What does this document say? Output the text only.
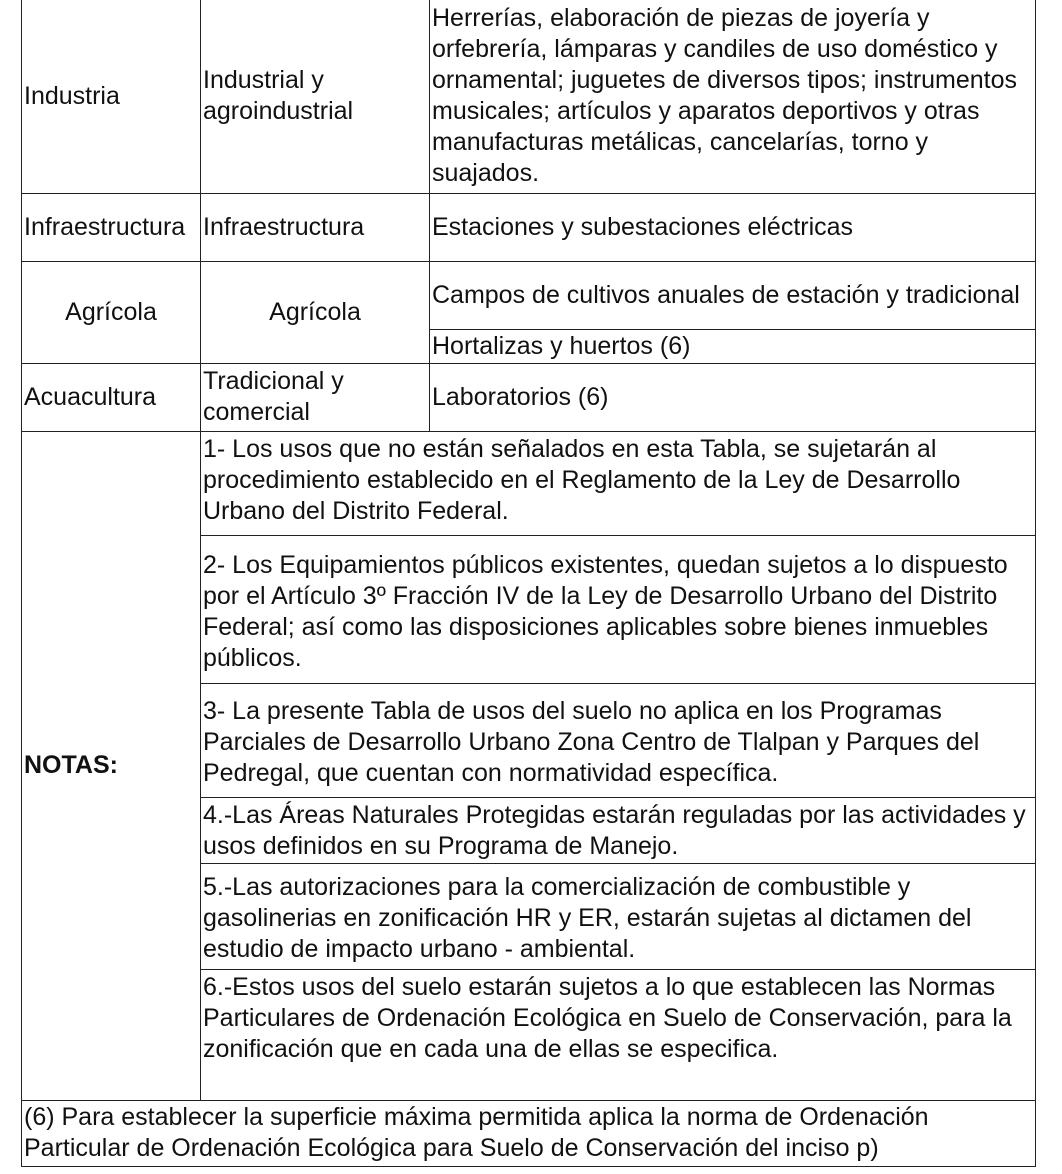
Industria	Industrial y agroindustrial	Herrerías, elaboración de piezas de joyería y orfebrería, lámparas y candiles de uso doméstico y ornamental; juguetes de diversos tipos; instrumentos musicales; artículos y aparatos deportivos y otras manufacturas metálicas, cancelarías, torno y suajados.
Infraestructura	Infraestructura	Estaciones y subestaciones eléctricas
Agrícola	Agrícola	Campos de cultivos anuales de estación y tradicional
		Hortalizas y huertos (6)
Acuacultura	Tradicional y comercial	Laboratorios (6)
NOTAS:	1- Los usos que no están señalados en esta Tabla, se sujetarán al procedimiento establecido en el Reglamento de la Ley de Desarrollo Urbano del Distrito Federal.	
	2- Los Equipamientos públicos existentes, quedan sujetos a lo dispuesto por el Artículo 3º Fracción IV de la Ley de Desarrollo Urbano del Distrito Federal; así como las disposiciones aplicables sobre bienes inmuebles públicos.	
	3- La presente Tabla de usos del suelo no aplica en los Programas Parciales de Desarrollo Urbano Zona Centro de Tlalpan y Parques del Pedregal, que cuentan con normatividad específica.	
	4.-Las Áreas Naturales Protegidas estarán reguladas por las actividades y usos definidos en su Programa de Manejo.	
	5.-Las autorizaciones para la comercialización de combustible y gasolinerias en zonificación HR y ER, estarán sujetas al dictamen del estudio de impacto urbano - ambiental.	
	6.-Estos usos del suelo estarán sujetos a lo que establecen las Normas Particulares de Ordenación Ecológica en Suelo de Conservación, para la zonificación que en cada una de ellas se especifica.	
(6) Para establecer la superficie máxima permitida aplica la norma de Ordenación Particular de Ordenación Ecológica para Suelo de Conservación del inciso p)		
